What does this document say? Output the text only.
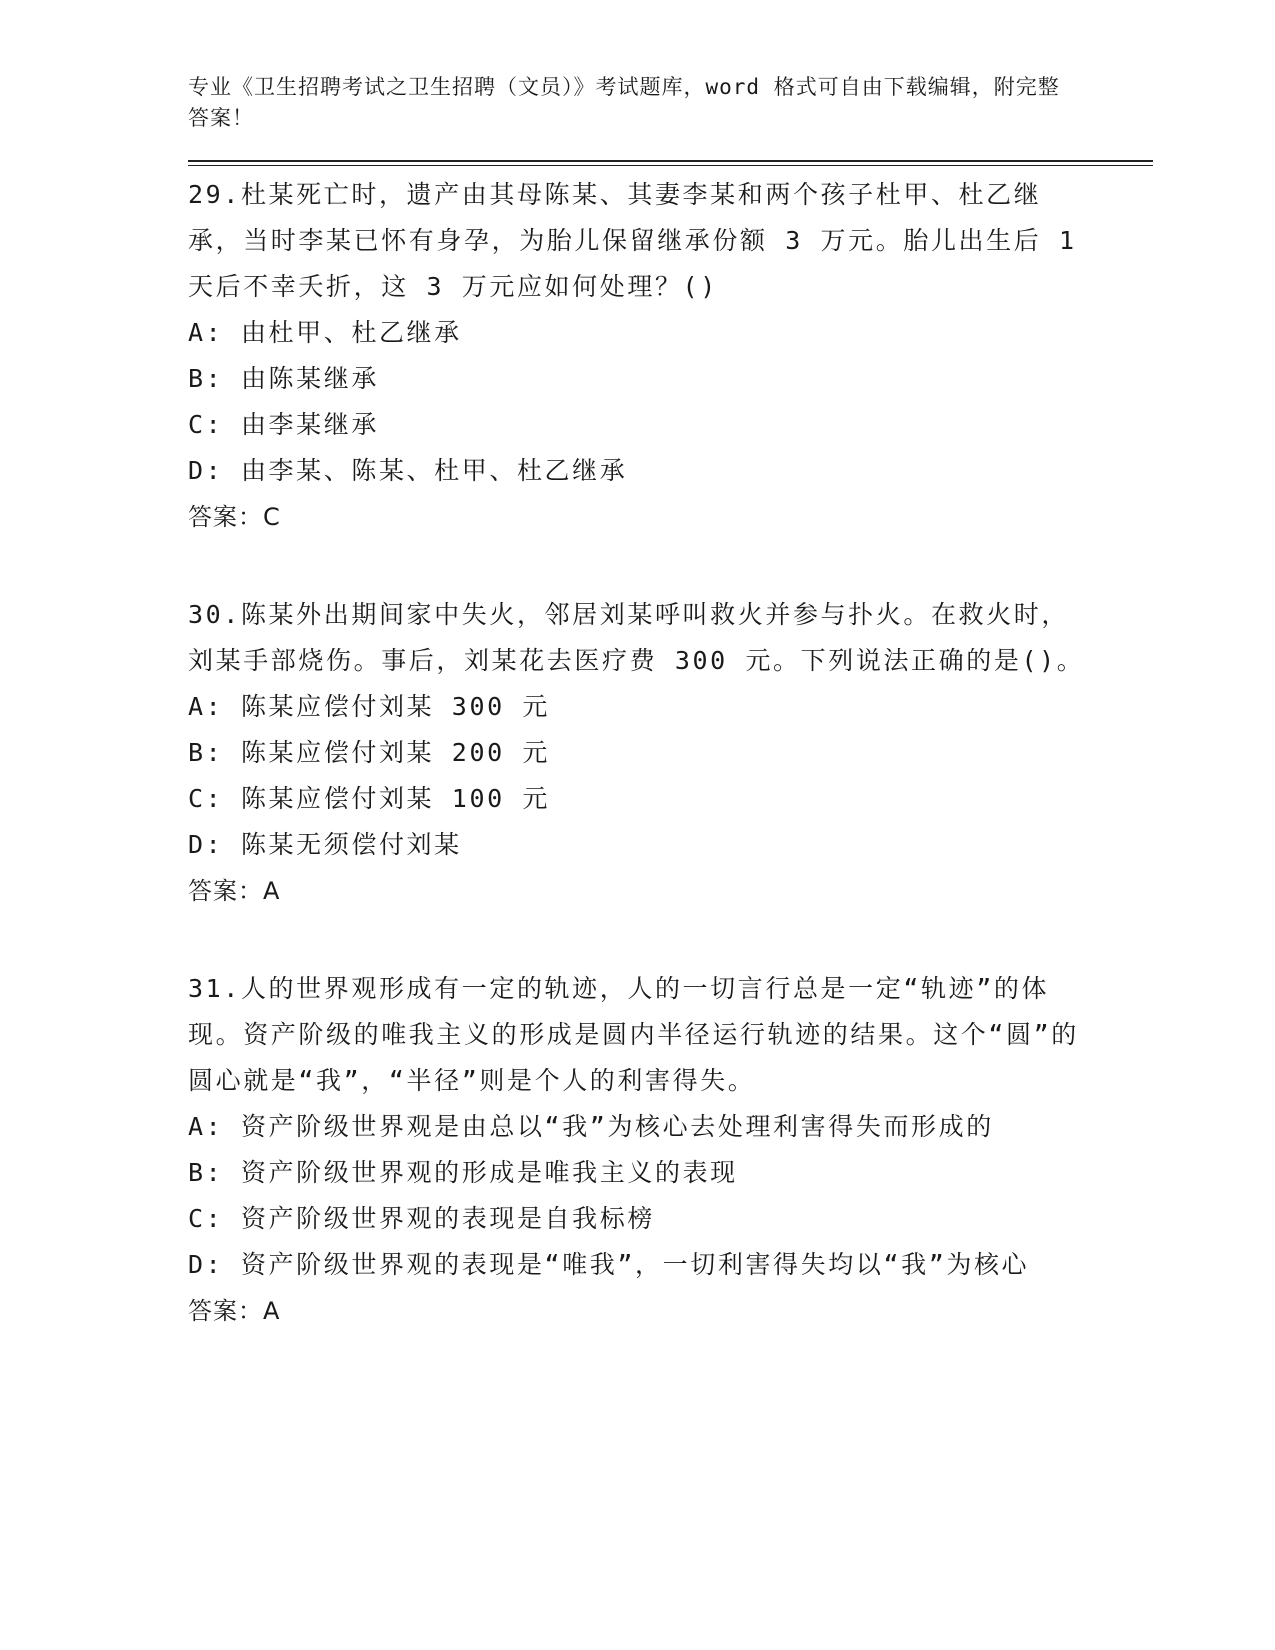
专业《卫生招聘考试之卫生招聘（文员）》考试题库，word 格式可自由下载编辑，附完整答案！
29.杜某死亡时，遗产由其母陈某、其妻李某和两个孩子杜甲、杜乙继承，当时李某已怀有身孕，为胎儿保留继承份额 3 万元。胎儿出生后 1 天后不幸夭折，这 3 万元应如何处理？()
A: 由杜甲、杜乙继承
B: 由陈某继承
C: 由李某继承
D: 由李某、陈某、杜甲、杜乙继承
答案：C
30.陈某外出期间家中失火，邻居刘某呼叫救火并参与扑火。在救火时，刘某手部烧伤。事后，刘某花去医疗费 300 元。下列说法正确的是()。
A: 陈某应偿付刘某 300 元
B: 陈某应偿付刘某 200 元
C: 陈某应偿付刘某 100 元
D: 陈某无须偿付刘某
答案：A
31.人的世界观形成有一定的轨迹，人的一切言行总是一定“轨迹”的体现。资产阶级的唯我主义的形成是圆内半径运行轨迹的结果。这个“圆”的圆心就是“我”，“半径”则是个人的利害得失。
A: 资产阶级世界观是由总以“我”为核心去处理利害得失而形成的
B: 资产阶级世界观的形成是唯我主义的表现
C: 资产阶级世界观的表现是自我标榜
D: 资产阶级世界观的表现是“唯我”，一切利害得失均以“我”为核心
答案：A
